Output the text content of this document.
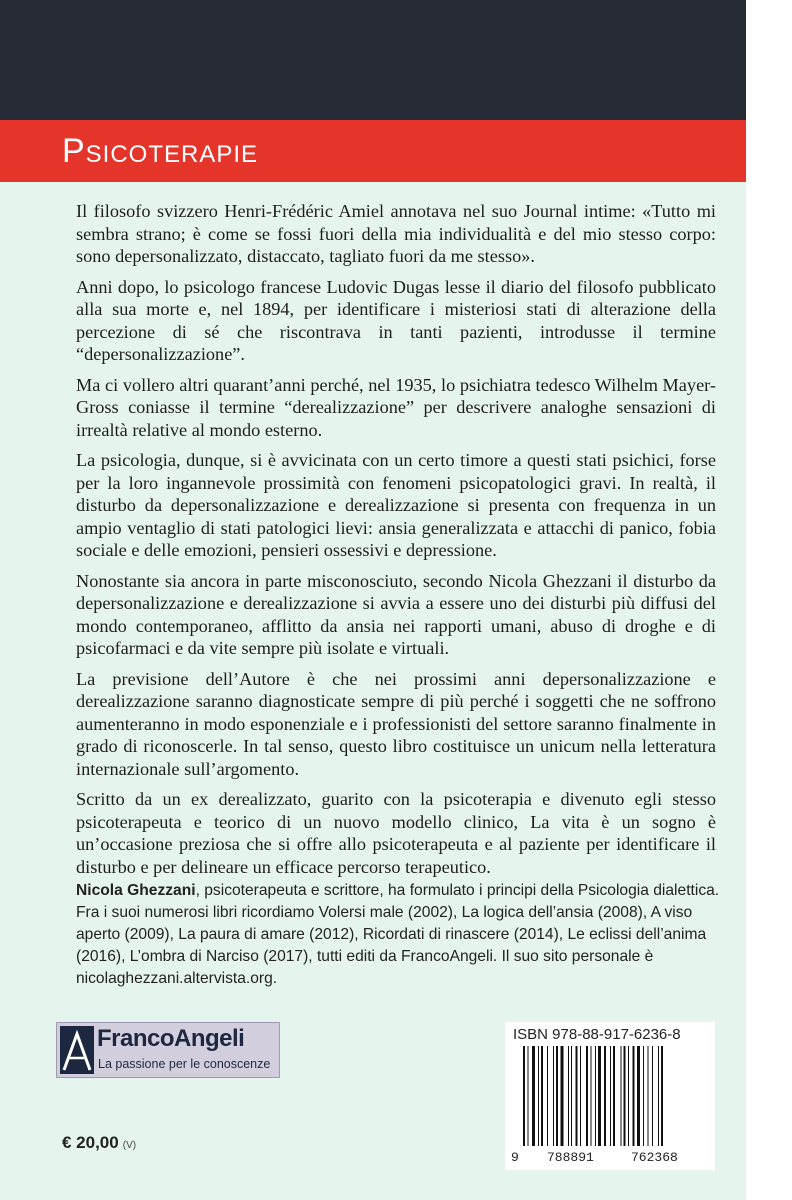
Psicoterapie

Il filosofo svizzero Henri-Frédéric Amiel annotava nel suo Journal intime: «Tutto mi sembra strano; è come se fossi fuori della mia individualità e del mio stesso corpo: sono depersonalizzato, distaccato, tagliato fuori da me stesso».

Anni dopo, lo psicologo francese Ludovic Dugas lesse il diario del filosofo pubblicato alla sua morte e, nel 1894, per identificare i misteriosi stati di alterazione della percezione di sé che riscontrava in tanti pazienti, introdusse il termine “depersonalizzazione”.

Ma ci vollero altri quarant’anni perché, nel 1935, lo psichiatra tedesco Wilhelm Mayer-Gross coniasse il termine “derealizzazione” per descrivere analoghe sensazioni di irrealtà relative al mondo esterno.

La psicologia, dunque, si è avvicinata con un certo timore a questi stati psichici, forse per la loro ingannevole prossimità con fenomeni psicopatologici gravi. In realtà, il disturbo da depersonalizzazione e derealizzazione si presenta con frequenza in un ampio ventaglio di stati patologici lievi: ansia generalizzata e attacchi di panico, fobia sociale e delle emozioni, pensieri ossessivi e depressione.

Nonostante sia ancora in parte misconosciuto, secondo Nicola Ghezzani il disturbo da depersonalizzazione e derealizzazione si avvia a essere uno dei disturbi più diffusi del mondo contemporaneo, afflitto da ansia nei rapporti umani, abuso di droghe e di psicofarmaci e da vite sempre più isolate e virtuali.

La previsione dell’Autore è che nei prossimi anni depersonalizzazione e derealizzazione saranno diagnosticate sempre di più perché i soggetti che ne soffrono aumenteranno in modo esponenziale e i professionisti del settore saranno finalmente in grado di riconoscerle. In tal senso, questo libro costituisce un unicum nella letteratura internazionale sull’argomento.

Scritto da un ex derealizzato, guarito con la psicoterapia e divenuto egli stesso psicoterapeuta e teorico di un nuovo modello clinico, La vita è un sogno è un’occasione preziosa che si offre allo psicoterapeuta e al paziente per identificare il disturbo e per delineare un efficace percorso terapeutico.

Nicola Ghezzani, psicoterapeuta e scrittore, ha formulato i principi della Psicologia dialettica. Fra i suoi numerosi libri ricordiamo Volersi male (2002), La logica dell’ansia (2008), A viso aperto (2009), La paura di amare (2012), Ricordati di rinascere (2014), Le eclissi dell’anima (2016), L’ombra di Narciso (2017), tutti editi da FrancoAngeli. Il suo sito personale è nicolaghezzani.altervista.org.
FrancoAngeli
La passione per le conoscenze
€ 20,00 (V)
ISBN 978-88-917-6236-8
9 788891	762368
